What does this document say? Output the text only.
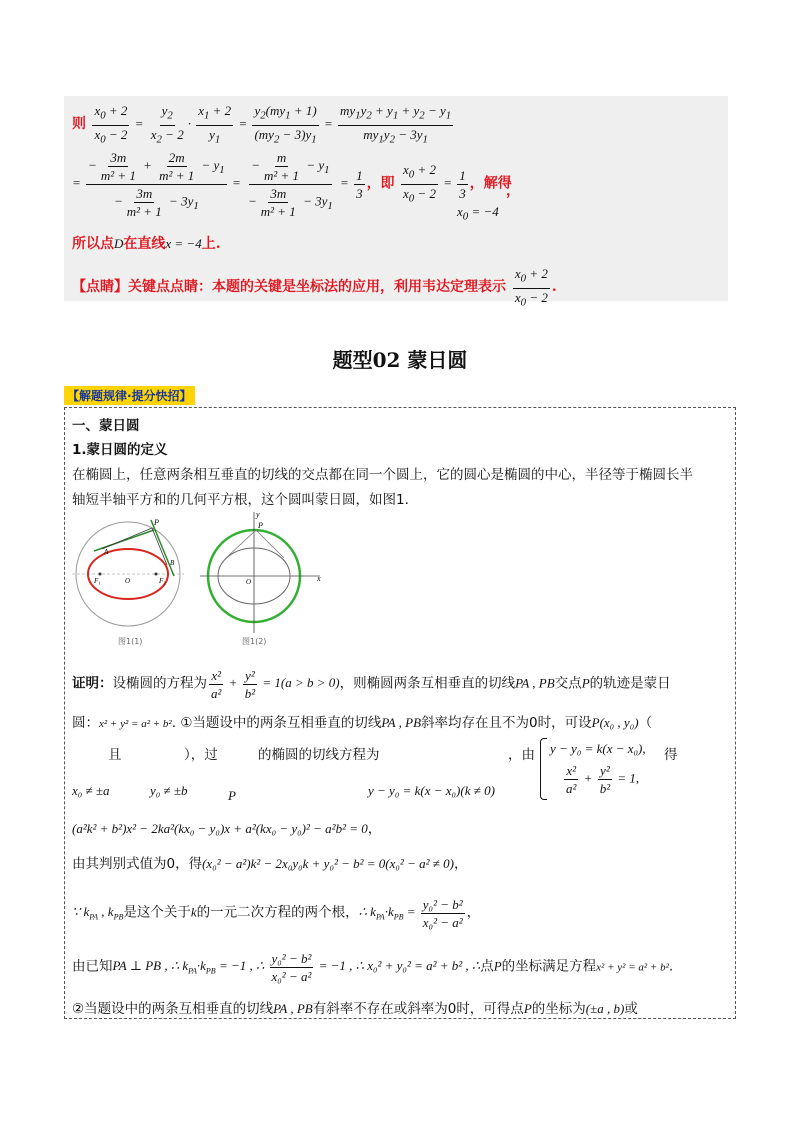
则 $\frac{x_0 + 2}{x_0 - 2} = \frac{y_2}{x_2 - 2} \cdot \frac{x_1 + 2}{y_1} = \frac{y_2(my_1 + 1)}{(my_2 - 3)y_1} = \frac{my_1y_2 + y_1 + y_2 - y_1}{my_1y_2 - 3y_1}$
= $\frac{- \frac{3m}{\text{m² + 1}} + \frac{2m}{\text{m² + 1}} - y_1}{- \frac{3m}{\text{m² + 1}} - 3y_1} = \frac{- \frac{m}{\text{m² + 1}} - y_1}{- \frac{3m}{\text{m² + 1}} - 3y_1} = \frac{1}{3}$ ，即 $\frac{x_0 + 2}{x_0 - 2} = \frac{1}{3}$ ，解得
$x_0 = -4$
，
所以点D在直线x = −4上.
【点睛】关键点点睛：本题的关键是坐标法的应用，利用韦达定理表示 $\frac{x_0 + 2}{x_0 - 2}$ .
题型02 蒙日圆
【解题规律·提分快招】
一、蒙日圆
1.蒙日圆的定义
在椭圆上，任意两条相互垂直的切线的交点都在同一个圆上，它的圆心是椭圆的中心，半径等于椭圆长半
轴短半轴平方和的几何平方根，这个圆叫蒙日圆，如图1.
P
A
B
F₁	O	F₂
y
P
O	x
图1(1)	图1(2)
证明：设椭圆的方程为 $\frac{\text{x²}}{\text{a²}} + \frac{\text{y²}}{\text{b²}} = 1(a > b > 0)$，则椭圆两条互相垂直的切线PA , PB交点P的轨迹是蒙日
圆：x² + y² = a² + b². ①当题设中的两条互相垂直的切线PA , PB斜率均存在且不为0时，可设P(x₀ , y₀)（
且	），过	的椭圆的切线方程为	，由	得
x₀ ≠ ±a	y₀ ≠ ±b	P	y − y₀ = k(x − x₀)(k ≠ 0)
y − y₀ = k(x − x₀),
$\frac{\text{x²}}{\text{a²}} + \frac{\text{y²}}{\text{b²}} = 1$,
(a²k² + b²)x² − 2ka²(kx₀ − y₀)x + a²(kx₀ − y₀)² − a²b² = 0，
由其判别式值为0，得(x₀² − a²)k² − 2x₀y₀k + y₀² − b² = 0(x₀² − a² ≠ 0)，
∵ $k_{PA}$ , $k_{PB}$是这个关于k的一元二次方程的两个根，∴ $k_{PA}\cdot k_{PB} = \frac{\text{y₀² − b²}}{\text{x₀² − a²}}$ ，
由已知PA ⊥ PB , ∴ $k_{PA}\cdot k_{PB} = -1$ , ∴ $\frac{\text{y₀² − b²}}{\text{x₀² − a²}} = -1$ , ∴ x₀² + y₀² = a² + b² , ∴点P的坐标满足方程x² + y² = a² + b².
②当题设中的两条互相垂直的切线PA , PB有斜率不存在或斜率为0时，可得点P的坐标为(±a , b)或
